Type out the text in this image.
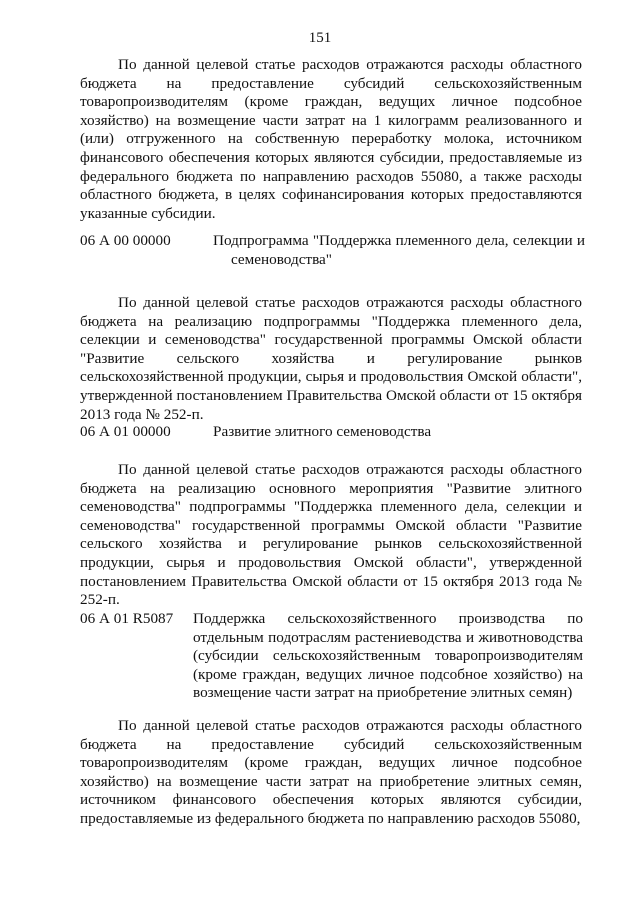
151

По данной целевой статье расходов отражаются расходы областного бюджета на предоставление субсидий сельскохозяйственным товаропроизводителям (кроме граждан, ведущих личное подсобное хозяйство) на возмещение части затрат на 1 килограмм реализованного и (или) отгруженного на собственную переработку молока, источником финансового обеспечения которых являются субсидии, предоставляемые из федерального бюджета по направлению расходов 55080, а также расходы областного бюджета, в целях софинансирования которых предоставляются указанные субсидии.

06 А 00 00000	Подпрограмма "Поддержка племенного дела, селекции и семеноводства"

По данной целевой статье расходов отражаются расходы областного бюджета на реализацию подпрограммы "Поддержка племенного дела, селекции и семеноводства" государственной программы Омской области "Развитие сельского хозяйства и регулирование рынков сельскохозяйственной продукции, сырья и продовольствия Омской области", утвержденной постановлением Правительства Омской области от 15 октября 2013 года № 252-п.

06 А 01 00000	Развитие элитного семеноводства

По данной целевой статье расходов отражаются расходы областного бюджета на реализацию основного мероприятия "Развитие элитного семеноводства" подпрограммы "Поддержка племенного дела, селекции и семеноводства" государственной программы Омской области "Развитие сельского хозяйства и регулирование рынков сельскохозяйственной продукции, сырья и продовольствия Омской области", утвержденной постановлением Правительства Омской области от 15 октября 2013 года № 252-п.

06 А 01 R5087 Поддержка сельскохозяйственного производства по отдельным подотраслям растениеводства и животноводства (субсидии сельскохозяйственным товаропроизводителям (кроме граждан, ведущих личное подсобное хозяйство) на возмещение части затрат на приобретение элитных семян)

По данной целевой статье расходов отражаются расходы областного бюджета на предоставление субсидий сельскохозяйственным товаропроизводителям (кроме граждан, ведущих личное подсобное хозяйство) на возмещение части затрат на приобретение элитных семян, источником финансового обеспечения которых являются субсидии, предоставляемые из федерального бюджета по направлению расходов 55080,
